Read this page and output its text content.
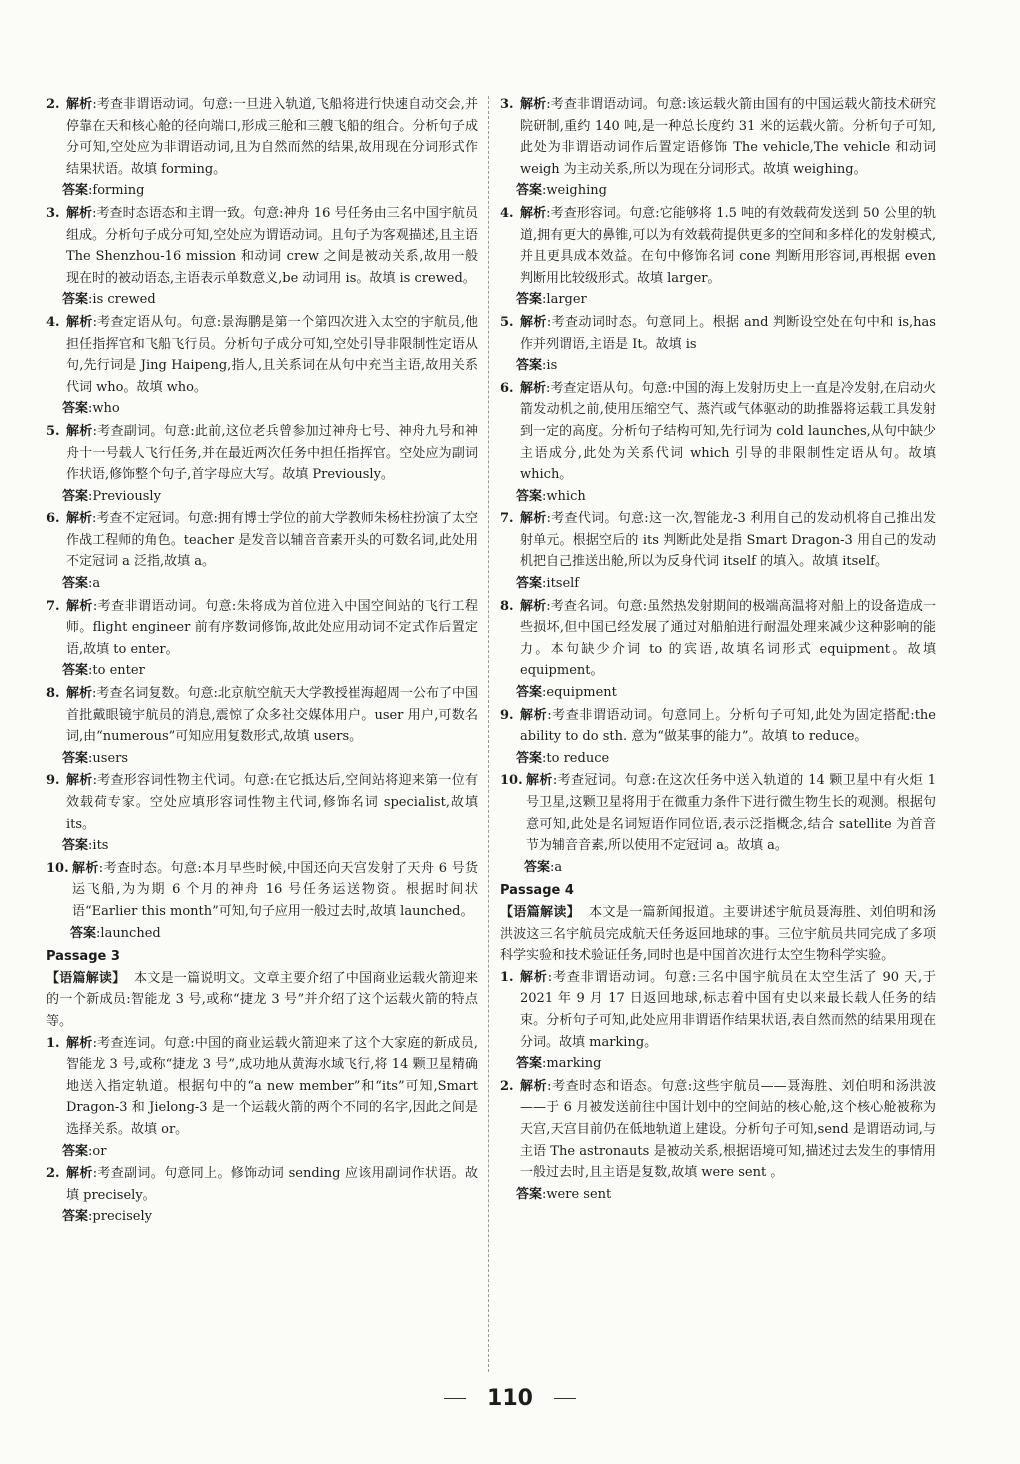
2. 解析:考查非谓语动词。句意:一旦进入轨道,飞船将进行快速自动交会,并停靠在天和核心舱的径向端口,形成三舱和三艘飞船的组合。分析句子成分可知,空处应为非谓语动词,且为自然而然的结果,故用现在分词形式作结果状语。故填 forming。
答案:forming
3. 解析:考查时态语态和主谓一致。句意:神舟 16 号任务由三名中国宇航员组成。分析句子成分可知,空处应为谓语动词。且句子为客观描述,且主语 The Shenzhou-16 mission 和动词 crew 之间是被动关系,故用一般现在时的被动语态,主语表示单数意义,be 动词用 is。故填 is crewed。
答案:is crewed
4. 解析:考查定语从句。句意:景海鹏是第一个第四次进入太空的宇航员,他担任指挥官和飞船飞行员。分析句子成分可知,空处引导非限制性定语从句,先行词是 Jing Haipeng,指人,且关系词在从句中充当主语,故用关系代词 who。故填 who。
答案:who
5. 解析:考查副词。句意:此前,这位老兵曾参加过神舟七号、神舟九号和神舟十一号载人飞行任务,并在最近两次任务中担任指挥官。空处应为副词作状语,修饰整个句子,首字母应大写。故填 Previously。
答案:Previously
6. 解析:考查不定冠词。句意:拥有博士学位的前大学教师朱杨柱扮演了太空作战工程师的角色。teacher 是发音以辅音音素开头的可数名词,此处用不定冠词 a 泛指,故填 a。
答案:a
7. 解析:考查非谓语动词。句意:朱将成为首位进入中国空间站的飞行工程师。flight engineer 前有序数词修饰,故此处应用动词不定式作后置定语,故填 to enter。
答案:to enter
8. 解析:考查名词复数。句意:北京航空航天大学教授崔海超周一公布了中国首批戴眼镜宇航员的消息,震惊了众多社交媒体用户。user 用户,可数名词,由“numerous”可知应用复数形式,故填 users。
答案:users
9. 解析:考查形容词性物主代词。句意:在它抵达后,空间站将迎来第一位有效载荷专家。空处应填形容词性物主代词,修饰名词 specialist,故填 its。
答案:its
10. 解析:考查时态。句意:本月早些时候,中国还向天宫发射了天舟 6 号货运飞船,为为期 6 个月的神舟 16 号任务运送物资。根据时间状语“Earlier this month”可知,句子应用一般过去时,故填 launched。
答案:launched
Passage 3
【语篇解读】 本文是一篇说明文。文章主要介绍了中国商业运载火箭迎来的一个新成员:智能龙 3 号,或称“捷龙 3 号”并介绍了这个运载火箭的特点等。
1. 解析:考查连词。句意:中国的商业运载火箭迎来了这个大家庭的新成员,智能龙 3 号,或称“捷龙 3 号”,成功地从黄海水域飞行,将 14 颗卫星精确地送入指定轨道。根据句中的“a new member”和“its”可知,Smart Dragon-3 和 Jielong-3 是一个运载火箭的两个不同的名字,因此之间是选择关系。故填 or。
答案:or
2. 解析:考查副词。句意同上。修饰动词 sending 应该用副词作状语。故填 precisely。
答案:precisely
3. 解析:考查非谓语动词。句意:该运载火箭由国有的中国运载火箭技术研究院研制,重约 140 吨,是一种总长度约 31 米的运载火箭。分析句子可知,此处为非谓语动词作后置定语修饰 The vehicle,The vehicle 和动词 weigh 为主动关系,所以为现在分词形式。故填 weighing。
答案:weighing
4. 解析:考查形容词。句意:它能够将 1.5 吨的有效载荷发送到 50 公里的轨道,拥有更大的鼻锥,可以为有效载荷提供更多的空间和多样化的发射模式,并且更具成本效益。在句中修饰名词 cone 判断用形容词,再根据 even 判断用比较级形式。故填 larger。
答案:larger
5. 解析:考查动词时态。句意同上。根据 and 判断设空处在句中和 is,has 作并列谓语,主语是 It。故填 is
答案:is
6. 解析:考查定语从句。句意:中国的海上发射历史上一直是冷发射,在启动火箭发动机之前,使用压缩空气、蒸汽或气体驱动的助推器将运载工具发射到一定的高度。分析句子结构可知,先行词为 cold launches,从句中缺少主语成分,此处为关系代词 which 引导的非限制性定语从句。故填 which。
答案:which
7. 解析:考查代词。句意:这一次,智能龙-3 利用自己的发动机将自己推出发射单元。根据空后的 its 判断此处是指 Smart Dragon-3 用自己的发动机把自己推送出舱,所以为反身代词 itself 的填入。故填 itself。
答案:itself
8. 解析:考查名词。句意:虽然热发射期间的极端高温将对船上的设备造成一些损坏,但中国已经发展了通过对船舶进行耐温处理来减少这种影响的能力。本句缺少介词 to 的宾语,故填名词形式 equipment。故填 equipment。
答案:equipment
9. 解析:考查非谓语动词。句意同上。分析句子可知,此处为固定搭配:the ability to do sth. 意为“做某事的能力”。故填 to reduce。
答案:to reduce
10. 解析:考查冠词。句意:在这次任务中送入轨道的 14 颗卫星中有火炬 1 号卫星,这颗卫星将用于在微重力条件下进行微生物生长的观测。根据句意可知,此处是名词短语作同位语,表示泛指概念,结合 satellite 为首音节为辅音音素,所以使用不定冠词 a。故填 a。
答案:a
Passage 4
【语篇解读】 本文是一篇新闻报道。主要讲述宇航员聂海胜、刘伯明和汤洪波这三名宇航员完成航天任务返回地球的事。三位宇航员共同完成了多项科学实验和技术验证任务,同时也是中国首次进行太空生物科学实验。
1. 解析:考查非谓语动词。句意:三名中国宇航员在太空生活了 90 天,于 2021 年 9 月 17 日返回地球,标志着中国有史以来最长载人任务的结束。分析句子可知,此处应用非谓语作结果状语,表自然而然的结果用现在分词。故填 marking。
答案:marking
2. 解析:考查时态和语态。句意:这些宇航员——聂海胜、刘伯明和汤洪波——于 6 月被发送前往中国计划中的空间站的核心舱,这个核心舱被称为天宫,天宫目前仍在低地轨道上建设。分析句子可知,send 是谓语动词,与主语 The astronauts 是被动关系,根据语境可知,描述过去发生的事情用一般过去时,且主语是复数,故填 were sent 。
答案:were sent
110
